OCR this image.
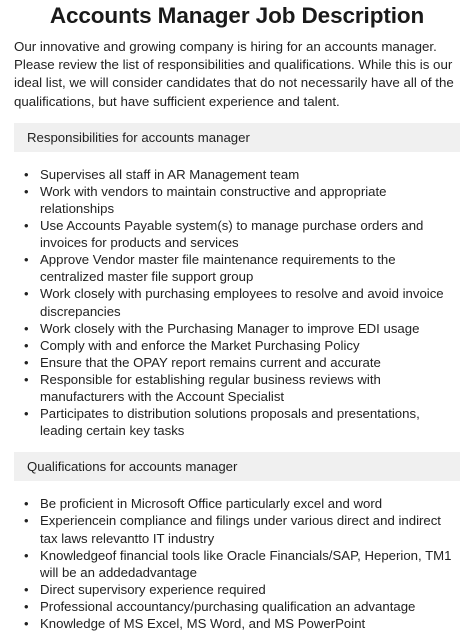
Accounts Manager Job Description

Our innovative and growing company is hiring for an accounts manager. Please review the list of responsibilities and qualifications. While this is our ideal list, we will consider candidates that do not necessarily have all of the qualifications, but have sufficient experience and talent.

Responsibilities for accounts manager
• Supervises all staff in AR Management team
• Work with vendors to maintain constructive and appropriate relationships
• Use Accounts Payable system(s) to manage purchase orders and invoices for products and services
• Approve Vendor master file maintenance requirements to the centralized master file support group
• Work closely with purchasing employees to resolve and avoid invoice discrepancies
• Work closely with the Purchasing Manager to improve EDI usage
• Comply with and enforce the Market Purchasing Policy
• Ensure that the OPAY report remains current and accurate
• Responsible for establishing regular business reviews with manufacturers with the Account Specialist
• Participates to distribution solutions proposals and presentations, leading certain key tasks
Qualifications for accounts manager
• Be proficient in Microsoft Office particularly excel and word
• Experiencein compliance and filings under various direct and indirect tax laws relevantto IT industry
• Knowledgeof financial tools like Oracle Financials/SAP, Heperion, TM1 will be an addedadvantage
• Direct supervisory experience required
• Professional accountancy/purchasing qualification an advantage
• Knowledge of MS Excel, MS Word, and MS PowerPoint
